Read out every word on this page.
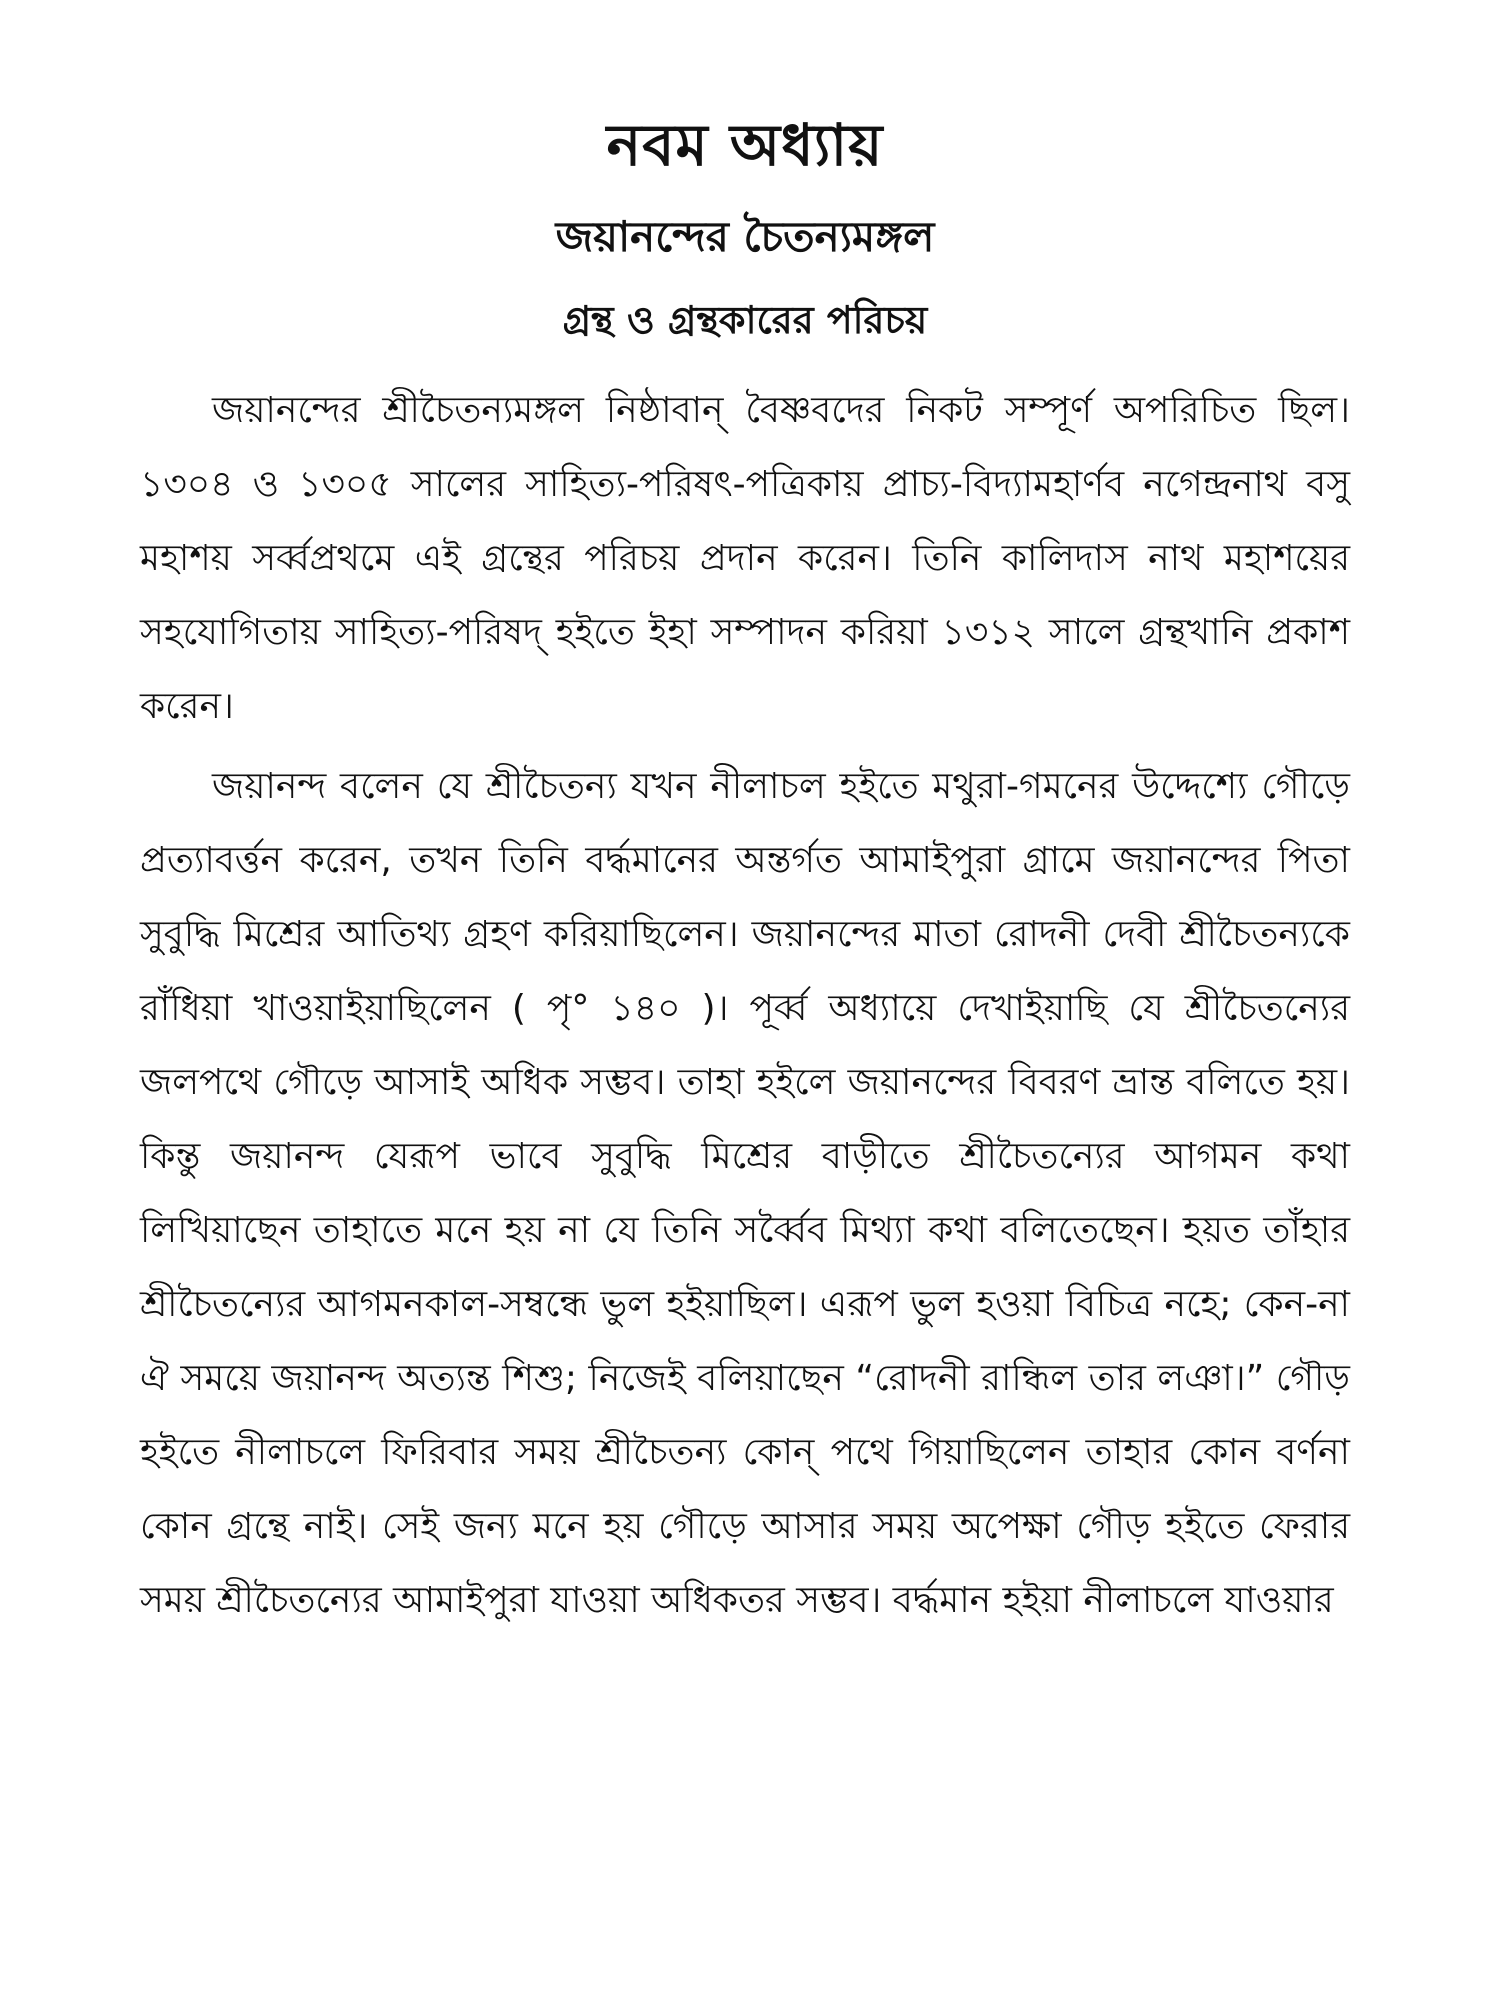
নবম অধ্যায়
জয়ানন্দের চৈতন্যমঙ্গল
গ্রন্থ ও গ্রন্থকারের পরিচয়

জয়ানন্দের শ্রীচৈতন্যমঙ্গল নিষ্ঠাবান্ বৈষ্ণবদের নিকট সম্পূর্ণ অপরিচিত ছিল। ১৩০৪ ও ১৩০৫ সালের সাহিত্য-পরিষৎ-পত্রিকায় প্রাচ্য-বিদ্যামহার্ণব নগেন্দ্রনাথ বসু মহাশয় সর্ব্বপ্রথমে এই গ্রন্থের পরিচয় প্রদান করেন। তিনি কালিদাস নাথ মহাশয়ের সহযোগিতায় সাহিত্য-পরিষদ্ হইতে ইহা সম্পাদন করিয়া ১৩১২ সালে গ্রন্থখানি প্রকাশ করেন।

জয়ানন্দ বলেন যে শ্রীচৈতন্য যখন নীলাচল হইতে মথুরা-গমনের উদ্দেশ্যে গৌড়ে প্রত্যাবর্ত্তন করেন, তখন তিনি বর্দ্ধমানের অন্তর্গত আমাইপুরা গ্রামে জয়ানন্দের পিতা সুবুদ্ধি মিশ্রের আতিথ্য গ্রহণ করিয়াছিলেন। জয়ানন্দের মাতা রোদনী দেবী শ্রীচৈতন্যকে রাঁধিয়া খাওয়াইয়াছিলেন ( পৃ° ১৪০ )। পূর্ব্ব অধ্যায়ে দেখাইয়াছি যে শ্রীচৈতন্যের জলপথে গৌড়ে আসাই অধিক সম্ভব। তাহা হইলে জয়ানন্দের বিবরণ ভ্রান্ত বলিতে হয়। কিন্তু জয়ানন্দ যেরূপ ভাবে সুবুদ্ধি মিশ্রের বাড়ীতে শ্রীচৈতন্যের আগমন কথা লিখিয়াছেন তাহাতে মনে হয় না যে তিনি সর্ব্বৈব মিথ্যা কথা বলিতেছেন। হয়ত তাঁহার শ্রীচৈতন্যের আগমনকাল-সম্বন্ধে ভুল হইয়াছিল। এরূপ ভুল হওয়া বিচিত্র নহে; কেন-না ঐ সময়ে জয়ানন্দ অত্যন্ত শিশু; নিজেই বলিয়াছেন “রোদনী রান্ধিল তার লঞা।” গৌড় হইতে নীলাচলে ফিরিবার সময় শ্রীচৈতন্য কোন্ পথে গিয়াছিলেন তাহার কোন বর্ণনা কোন গ্রন্থে নাই। সেই জন্য মনে হয় গৌড়ে আসার সময় অপেক্ষা গৌড় হইতে ফেরার সময় শ্রীচৈতন্যের আমাইপুরা যাওয়া অধিকতর সম্ভব। বর্দ্ধমান হইয়া নীলাচলে যাওয়ার
